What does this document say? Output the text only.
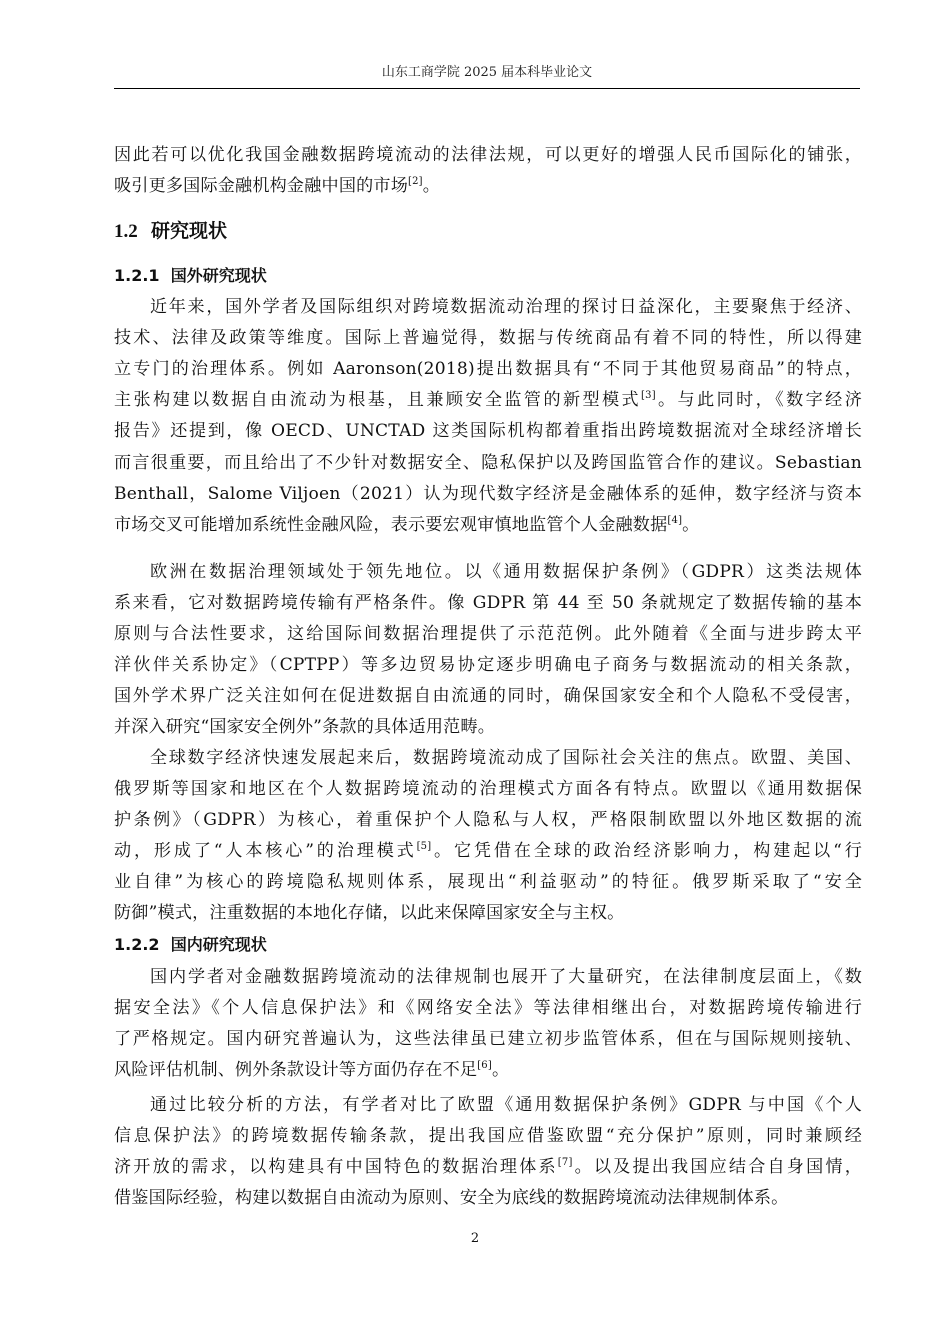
山东工商学院 2025 届本科毕业论文
因此若可以优化我国金融数据跨境流动的法律法规，可以更好的增强人民币国际化的铺张，
吸引更多国际金融机构金融中国的市场[2]。
1.2 研究现状
1.2.1 国外研究现状
近年来，国外学者及国际组织对跨境数据流动治理的探讨日益深化，主要聚焦于经济、
技术、法律及政策等维度。国际上普遍觉得，数据与传统商品有着不同的特性，所以得建
立专门的治理体系。例如 Aaronson(2018)提出数据具有“不同于其他贸易商品”的特点，
主张构建以数据自由流动为根基，且兼顾安全监管的新型模式[3]。与此同时，《数字经济
报告》还提到，像 OECD、UNCTAD 这类国际机构都着重指出跨境数据流对全球经济增长
而言很重要，而且给出了不少针对数据安全、隐私保护以及跨国监管合作的建议。Sebastian
Benthall，Salome Viljoen（2021）认为现代数字经济是金融体系的延伸，数字经济与资本
市场交叉可能增加系统性金融风险，表示要宏观审慎地监管个人金融数据[4]。
欧洲在数据治理领域处于领先地位。以《通用数据保护条例》（GDPR）这类法规体
系来看，它对数据跨境传输有严格条件。像 GDPR 第 44 至 50 条就规定了数据传输的基本
原则与合法性要求，这给国际间数据治理提供了示范范例。此外随着《全面与进步跨太平
洋伙伴关系协定》（CPTPP）等多边贸易协定逐步明确电子商务与数据流动的相关条款，
国外学术界广泛关注如何在促进数据自由流通的同时，确保国家安全和个人隐私不受侵害，
并深入研究“国家安全例外”条款的具体适用范畴。
全球数字经济快速发展起来后，数据跨境流动成了国际社会关注的焦点。欧盟、美国、
俄罗斯等国家和地区在个人数据跨境流动的治理模式方面各有特点。欧盟以《通用数据保
护条例》（GDPR）为核心，着重保护个人隐私与人权，严格限制欧盟以外地区数据的流
动，形成了“人本核心”的治理模式[5]。它凭借在全球的政治经济影响力，构建起以“行
业自律”为核心的跨境隐私规则体系，展现出“利益驱动”的特征。俄罗斯采取了“安全
防御”模式，注重数据的本地化存储，以此来保障国家安全与主权。
1.2.2 国内研究现状
国内学者对金融数据跨境流动的法律规制也展开了大量研究，在法律制度层面上，《数
据安全法》《个人信息保护法》和《网络安全法》等法律相继出台，对数据跨境传输进行
了严格规定。国内研究普遍认为，这些法律虽已建立初步监管体系，但在与国际规则接轨、
风险评估机制、例外条款设计等方面仍存在不足[6]。
通过比较分析的方法，有学者对比了欧盟《通用数据保护条例》GDPR 与中国《个人
信息保护法》的跨境数据传输条款，提出我国应借鉴欧盟“充分保护”原则，同时兼顾经
济开放的需求，以构建具有中国特色的数据治理体系[7]。以及提出我国应结合自身国情，
借鉴国际经验，构建以数据自由流动为原则、安全为底线的数据跨境流动法律规制体系。
2
